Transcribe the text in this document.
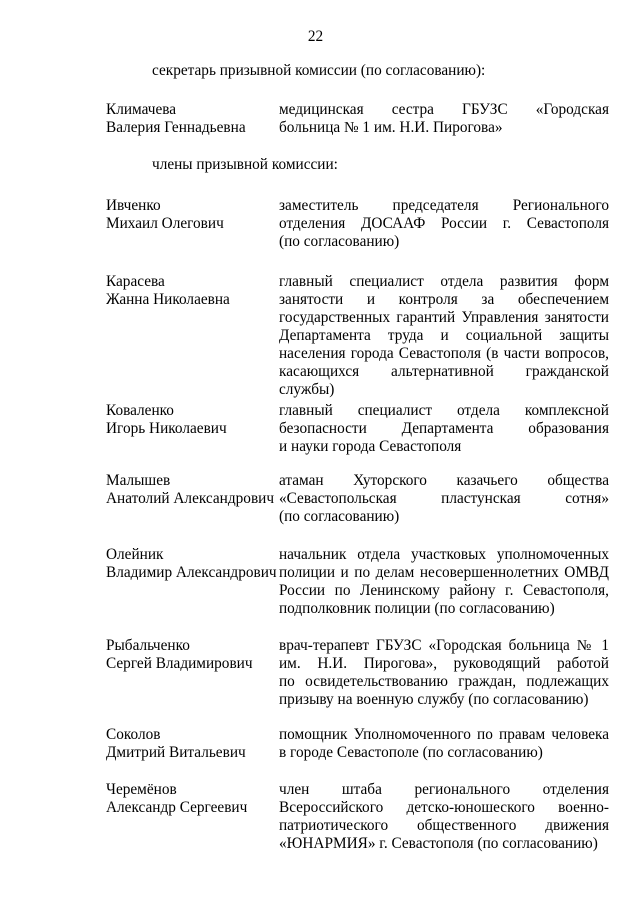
22
секретарь призывной комиссии (по согласованию):
Климачева
Валерия Геннадьевна
медицинская сестра ГБУЗС «Городская
больница № 1 им. Н.И. Пирогова»
члены призывной комиссии:
Ивченко
Михаил Олегович
заместитель председателя Регионального
отделения ДОСААФ России г. Севастополя
(по согласованию)
Карасева
Жанна Николаевна
главный специалист отдела развития форм
занятости и контроля за обеспечением
государственных гарантий Управления занятости
Департамента труда и социальной защиты
населения города Севастополя (в части вопросов,
касающихся альтернативной гражданской службы)
Коваленко
Игорь Николаевич
главный специалист отдела комплексной
безопасности Департамента образования
и науки города Севастополя
Малышев
Анатолий Александрович
атаман Хуторского казачьего общества
«Севастопольская пластунская сотня»
(по согласованию)
Олейник
Владимир Александрович
начальник отдела участковых уполномоченных
полиции и по делам несовершеннолетних ОМВД
России по Ленинскому району г. Севастополя,
подполковник полиции (по согласованию)
Рыбальченко
Сергей Владимирович
врач-терапевт ГБУЗС «Городская больница № 1
им. Н.И. Пирогова», руководящий работой
по освидетельствованию граждан, подлежащих
призыву на военную службу (по согласованию)
Соколов
Дмитрий Витальевич
помощник Уполномоченного по правам человека
в городе Севастополе (по согласованию)
Черемёнов
Александр Сергеевич
член штаба регионального отделения
Всероссийского детско-юношеского военно-
патриотического общественного движения
«ЮНАРМИЯ» г. Севастополя (по согласованию)
